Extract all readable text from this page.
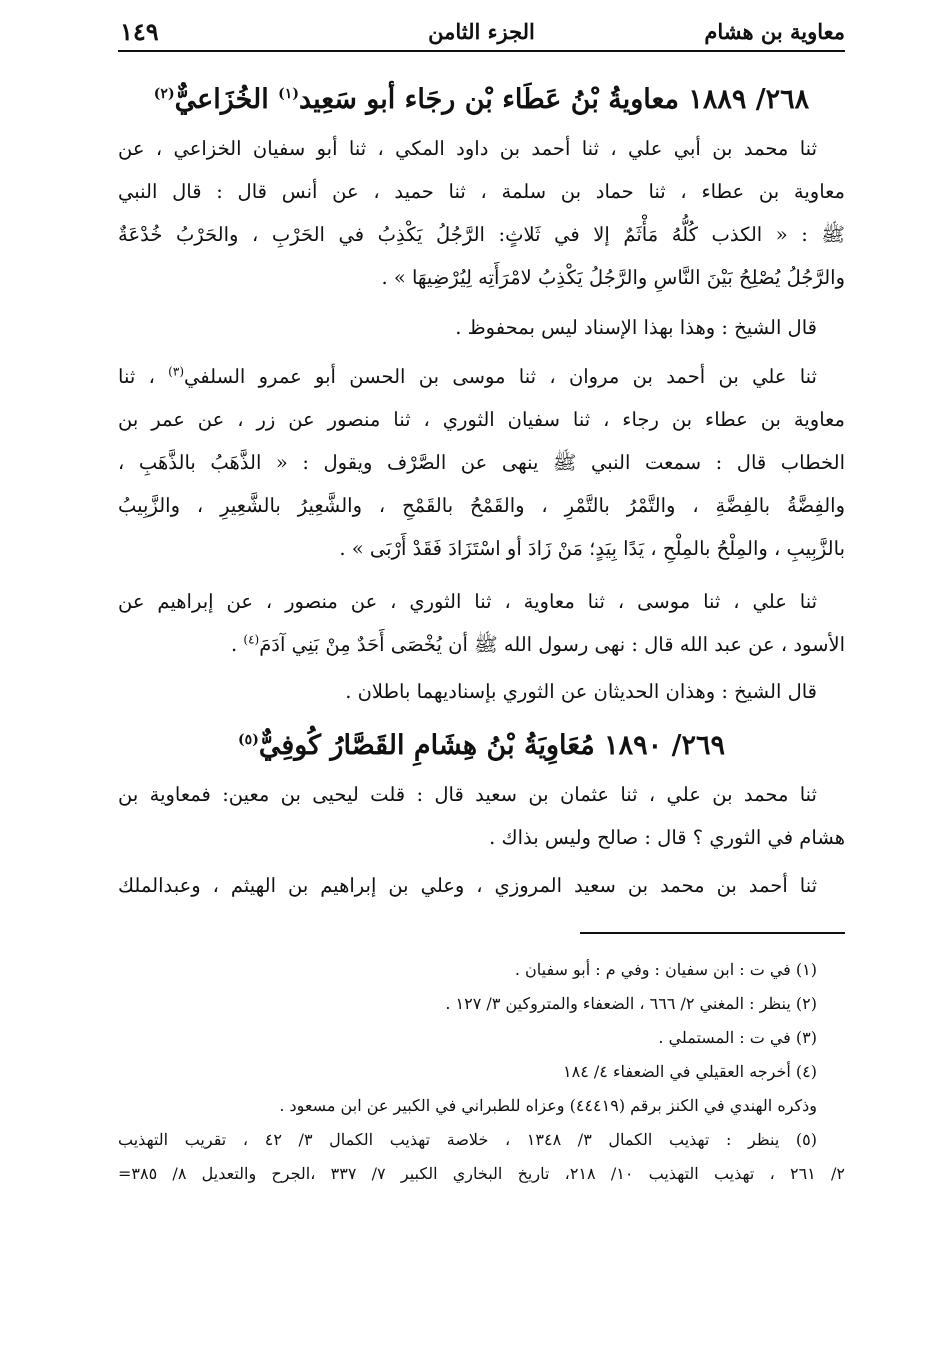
معاوية بن هشام
الجزء الثامن
١٤٩
٢٦٨/ ١٨٨٩ معاويةُ بْنُ عَطَاء بْن رجَاء أبو سَعِيد$^{(١)}$ الخُزَاعيٌّ$^{(٢)}$
ثنا محمد بن أبي علي ، ثنا أحمد بن داود المكي ، ثنا أبو سفيان الخزاعي ، عن
معاوية بن عطاء ، ثنا حماد بن سلمة ، ثنا حميد ، عن أنس قال : قال النبي
ﷺ : « الكذب كُلُّهُ مَأْثَمٌ إلا في ثَلاثٍ: الرَّجُلُ يَكْذِبُ في الحَرْبِ ، والحَرْبُ خُدْعَةٌ
والرَّجُلُ يُصْلِحُ بَيْنَ النَّاسِ والرَّجُلُ يَكْذِبُ لامْرَأَتِه لِيُرْضِيهَا » .
قال الشيخ : وهذا بهذا الإسناد ليس بمحفوظ .
ثنا علي بن أحمد بن مروان ، ثنا موسى بن الحسن أبو عمرو السلفي$^{(٣)}$ ، ثنا
معاوية بن عطاء بن رجاء ، ثنا سفيان الثوري ، ثنا منصور عن زر ، عن عمر بن
الخطاب قال : سمعت النبي ﷺ ينهى عن الصَّرْف ويقول : « الذَّهَبُ بالذَّهَبِ ،
والفِضَّةُ بالفِضَّةِ ، والتَّمْرُ بالتَّمْرِ ، والقَمْحُ بالقَمْحِ ، والشَّعِيرُ بالشَّعِيرِ ، والزَّبِيبُ
بالزَّبِيبِ ، والمِلْحُ بالمِلْحِ ، يَدًا بِيَدٍ؛ مَنْ زَادَ أو اسْتَزَادَ فَقَدْ أَرْبَى » .
ثنا علي ، ثنا موسى ، ثنا معاوية ، ثنا الثوري ، عن منصور ، عن إبراهيم عن
الأسود ، عن عبد الله قال : نهى رسول الله ﷺ أن يُخْصَى أَحَدٌ مِنْ بَنِي آدَمَ$^{(٤)}$ .
قال الشيخ : وهذان الحديثان عن الثوري بإسناديهما باطلان .
٢٦٩/ ١٨٩٠ مُعَاوِيَةُ بْنُ هِشَامِ القَصَّارُ كُوفِيٌّ$^{(٥)}$
ثنا محمد بن علي ، ثنا عثمان بن سعيد قال : قلت ليحيى بن معين: فمعاوية بن
هشام في الثوري ؟ قال : صالح وليس بذاك .
ثنا أحمد بن محمد بن سعيد المروزي ، وعلي بن إبراهيم بن الهيثم ، وعبدالملك
(١) في ت : ابن سفيان : وفي م : أبو سفيان .
(٢) ينظر : المغني ٢/ ٦٦٦ ، الضعفاء والمتروكين ٣/ ١٢٧ .
(٣) في ت : المستملي .
(٤) أخرجه العقيلي في الضعفاء ٤/ ١٨٤
وذكره الهندي في الكنز برقم (٤٤٤١٩) وعزاه للطبراني في الكبير عن ابن مسعود .
(٥) ينظر : تهذيب الكمال ٣/ ١٣٤٨ ، خلاصة تهذيب الكمال ٣/ ٤٢ ، تقريب التهذيب
٢/ ٢٦١ ، تهذيب التهذيب ١٠/ ٢١٨، تاريخ البخاري الكبير ٧/ ٣٣٧ ،الجرح والتعديل ٨/ ٣٨٥=
